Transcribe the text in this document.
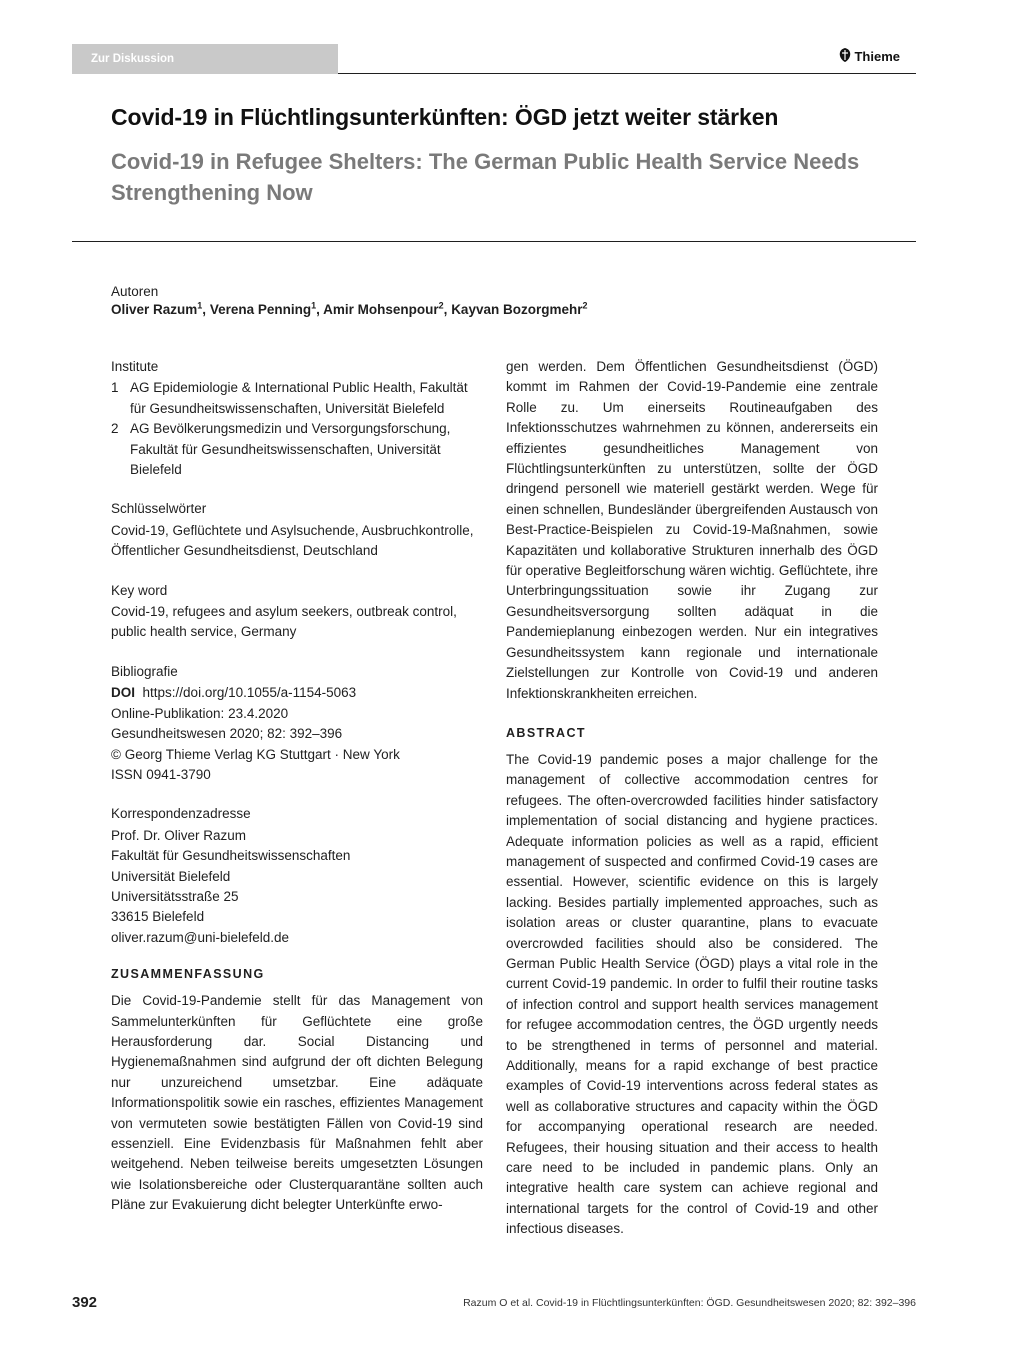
Zur Diskussion	Thieme
Covid-19 in Flüchtlingsunterkünften: ÖGD jetzt weiter stärken
Covid-19 in Refugee Shelters: The German Public Health Service Needs Strengthening Now
Autoren
Oliver Razum$^1$, Verena Penning$^1$, Amir Mohsenpour$^2$, Kayvan Bozorgmehr$^2$
Institute
1 AG Epidemiologie & International Public Health, Fakultät für Gesundheitswissenschaften, Universität Bielefeld
2 AG Bevölkerungsmedizin und Versorgungsforschung, Fakultät für Gesundheitswissenschaften, Universität Bielefeld
Schlüsselwörter
Covid-19, Geflüchtete und Asylsuchende, Ausbruchkontrolle, Öffentlicher Gesundheitsdienst, Deutschland
Key word
Covid-19, refugees and asylum seekers, outbreak control, public health service, Germany
Bibliografie
DOI https://doi.org/10.1055/a-1154-5063
Online-Publikation: 23.4.2020
Gesundheitswesen 2020; 82: 392–396
© Georg Thieme Verlag KG Stuttgart · New York
ISSN 0941-3790
Korrespondenzadresse
Prof. Dr. Oliver Razum
Fakultät für Gesundheitswissenschaften
Universität Bielefeld
Universitätsstraße 25
33615 Bielefeld
oliver.razum@uni-bielefeld.de
ZUSAMMENFASSUNG

Die Covid-19-Pandemie stellt für das Management von Sammelunterkünften für Geflüchtete eine große Herausforderung dar. Social Distancing und Hygienemaßnahmen sind aufgrund der oft dichten Belegung nur unzureichend umsetzbar. Eine adäquate Informationspolitik sowie ein rasches, effizientes Management von vermuteten sowie bestätigten Fällen von Covid-19 sind essenziell. Eine Evidenzbasis für Maßnahmen fehlt aber weitgehend. Neben teilweise bereits umgesetzten Lösungen wie Isolationsbereiche oder Clusterquarantäne sollten auch Pläne zur Evakuierung dicht belegter Unterkünfte erwo-

gen werden. Dem Öffentlichen Gesundheitsdienst (ÖGD) kommt im Rahmen der Covid-19-Pandemie eine zentrale Rolle zu. Um einerseits Routineaufgaben des Infektionsschutzes wahrnehmen zu können, andererseits ein effizientes gesundheitliches Management von Flüchtlingsunterkünften zu unterstützen, sollte der ÖGD dringend personell wie materiell gestärkt werden. Wege für einen schnellen, Bundesländer übergreifenden Austausch von Best-Practice-Beispielen zu Covid-19-Maßnahmen, sowie Kapazitäten und kollaborative Strukturen innerhalb des ÖGD für operative Begleitforschung wären wichtig. Geflüchtete, ihre Unterbringungssituation sowie ihr Zugang zur Gesundheitsversorgung sollten adäquat in die Pandemieplanung einbezogen werden. Nur ein integratives Gesundheitssystem kann regionale und internationale Zielstellungen zur Kontrolle von Covid-19 und anderen Infektionskrankheiten erreichen.

ABSTRACT

The Covid-19 pandemic poses a major challenge for the management of collective accommodation centres for refugees. The often-overcrowded facilities hinder satisfactory implementation of social distancing and hygiene practices. Adequate information policies as well as a rapid, efficient management of suspected and confirmed Covid-19 cases are essential. However, scientific evidence on this is largely lacking. Besides partially implemented approaches, such as isolation areas or cluster quarantine, plans to evacuate overcrowded facilities should also be considered. The German Public Health Service (ÖGD) plays a vital role in the current Covid-19 pandemic. In order to fulfil their routine tasks of infection control and support health services management for refugee accommodation centres, the ÖGD urgently needs to be strengthened in terms of personnel and material. Additionally, means for a rapid exchange of best practice examples of Covid-19 interventions across federal states as well as collaborative structures and capacity within the ÖGD for accompanying operational research are needed. Refugees, their housing situation and their access to health care need to be included in pandemic plans. Only an integrative health care system can achieve regional and international targets for the control of Covid-19 and other infectious diseases.

392	Razum O et al. Covid-19 in Flüchtlingsunterkünften: ÖGD. Gesundheitswesen 2020; 82: 392–396
